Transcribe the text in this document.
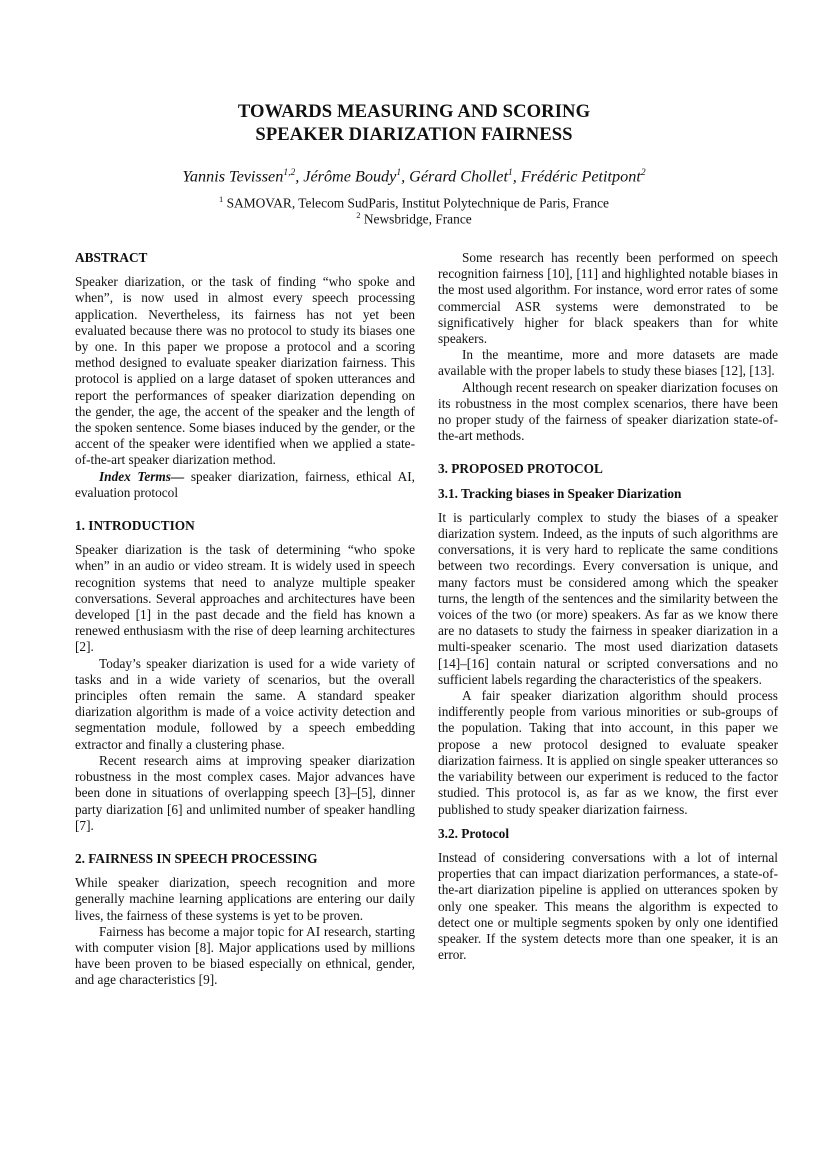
TOWARDS MEASURING AND SCORING
SPEAKER DIARIZATION FAIRNESS
Yannis Tevissen$^{1,2}$, Jérôme Boudy$^1$, Gérard Chollet$^1$, Frédéric Petitpont$^2$
$^1$ SAMOVAR, Telecom SudParis, Institut Polytechnique de Paris, France
$^2$ Newsbridge, France

ABSTRACT

Speaker diarization, or the task of finding “who spoke and when”, is now used in almost every speech processing application. Nevertheless, its fairness has not yet been evaluated because there was no protocol to study its biases one by one. In this paper we propose a protocol and a scoring method designed to evaluate speaker diarization fairness. This protocol is applied on a large dataset of spoken utterances and report the performances of speaker diarization depending on the gender, the age, the accent of the speaker and the length of the spoken sentence. Some biases induced by the gender, or the accent of the speaker were identified when we applied a state-of-the-art speaker diarization method.

Index Terms— speaker diarization, fairness, ethical AI, evaluation protocol

1. INTRODUCTION

Speaker diarization is the task of determining “who spoke when” in an audio or video stream. It is widely used in speech recognition systems that need to analyze multiple speaker conversations. Several approaches and architectures have been developed [1] in the past decade and the field has known a renewed enthusiasm with the rise of deep learning architectures [2].

Today’s speaker diarization is used for a wide variety of tasks and in a wide variety of scenarios, but the overall principles often remain the same. A standard speaker diarization algorithm is made of a voice activity detection and segmentation module, followed by a speech embedding extractor and finally a clustering phase.

Recent research aims at improving speaker diarization robustness in the most complex cases. Major advances have been done in situations of overlapping speech [3]–[5], dinner party diarization [6] and unlimited number of speaker handling [7].

2. FAIRNESS IN SPEECH PROCESSING

While speaker diarization, speech recognition and more generally machine learning applications are entering our daily lives, the fairness of these systems is yet to be proven.

Fairness has become a major topic for AI research, starting with computer vision [8]. Major applications used by millions have been proven to be biased especially on ethnical, gender, and age characteristics [9].

Some research has recently been performed on speech recognition fairness [10], [11] and highlighted notable biases in the most used algorithm. For instance, word error rates of some commercial ASR systems were demonstrated to be significatively higher for black speakers than for white speakers.

In the meantime, more and more datasets are made available with the proper labels to study these biases [12], [13].

Although recent research on speaker diarization focuses on its robustness in the most complex scenarios, there have been no proper study of the fairness of speaker diarization state-of-the-art methods.

3. PROPOSED PROTOCOL

3.1. Tracking biases in Speaker Diarization

It is particularly complex to study the biases of a speaker diarization system. Indeed, as the inputs of such algorithms are conversations, it is very hard to replicate the same conditions between two recordings. Every conversation is unique, and many factors must be considered among which the speaker turns, the length of the sentences and the similarity between the voices of the two (or more) speakers. As far as we know there are no datasets to study the fairness in speaker diarization in a multi-speaker scenario. The most used diarization datasets [14]–[16] contain natural or scripted conversations and no sufficient labels regarding the characteristics of the speakers.

A fair speaker diarization algorithm should process indifferently people from various minorities or sub-groups of the population. Taking that into account, in this paper we propose a new protocol designed to evaluate speaker diarization fairness. It is applied on single speaker utterances so the variability between our experiment is reduced to the factor studied. This protocol is, as far as we know, the first ever published to study speaker diarization fairness.

3.2. Protocol

Instead of considering conversations with a lot of internal properties that can impact diarization performances, a state-of-the-art diarization pipeline is applied on utterances spoken by only one speaker. This means the algorithm is expected to detect one or multiple segments spoken by only one identified speaker. If the system detects more than one speaker, it is an error.
